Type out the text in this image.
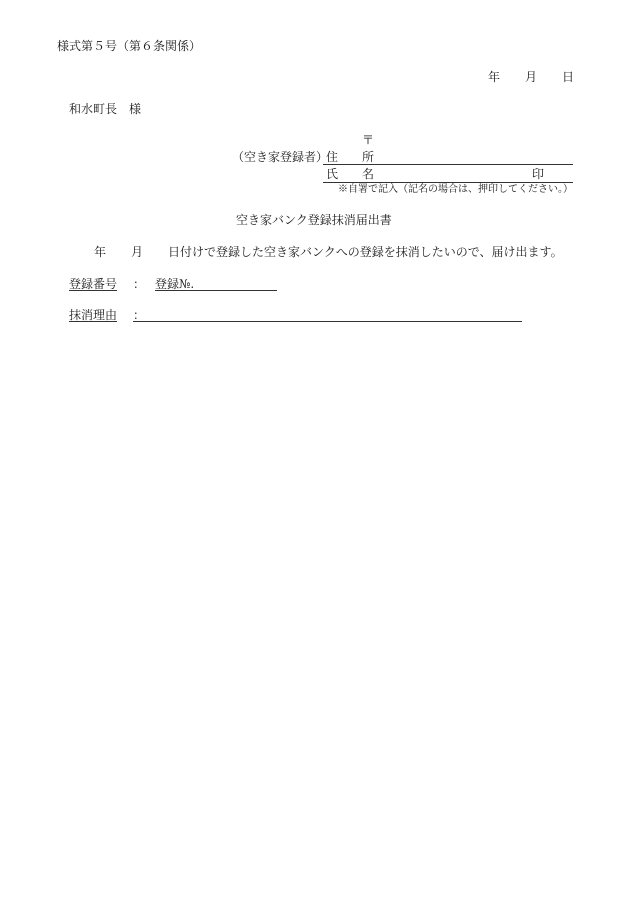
様式第５号（第６条関係）
年 月 日
和水町長　様
〒
（空き家登録者）
住 所
氏 名	印
※自署で記入（記名の場合は、押印してください。）
空き家バンク登録抹消届出書
年 月 日付けで登録した空き家バンクへの登録を抹消したいので、届け出ます。
登録番号 ： 登録№.
抹消理由 ：
